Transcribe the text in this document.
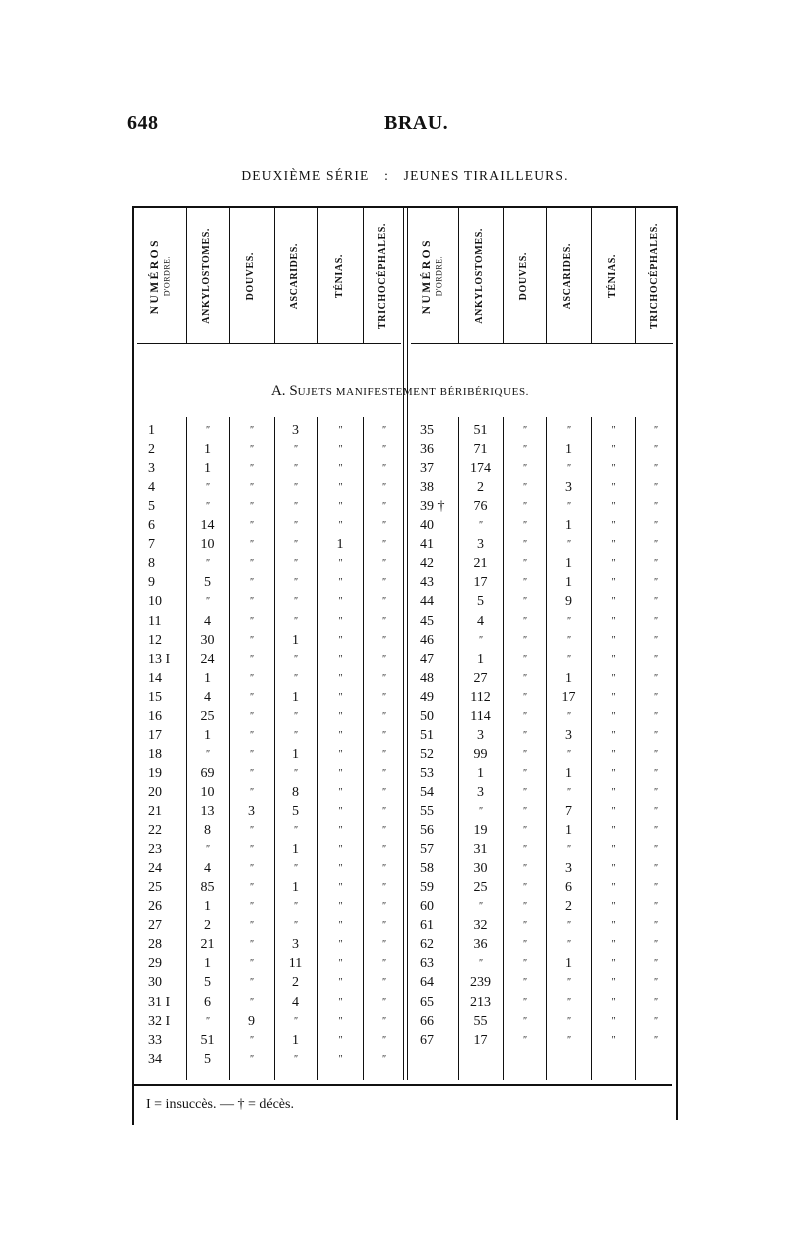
648	BRAU.
DEUXIÈME SÉRIE : JEUNES TIRAILLEURS.
NUMÉROS D'ORDRE.	ANKYLOSTOMES.	DOUVES.	ASCARIDES.	TÉNIAS.	TRICHOCÉPHALES.	NUMÉROS D'ORDRE.	ANKYLOSTOMES.	DOUVES.	ASCARIDES.	TÉNIAS.	TRICHOCÉPHALES.
1	"	"	3	"	"
2	1	"	"	"	"
3	1	"	"	"	"
4	"	"	"	"	"
5	"	"	"	"	"
6	14	"	"	"	"
7	10	"	"	1	"
8	"	"	"	"	"
9	5	"	"	"	"
10	"	"	"	"	"
11	4	"	"	"	"
12	30	"	1	"	"
13 I	24	"	"	"	"
14	1	"	"	"	"
15	4	"	1	"	"
16	25	"	"	"	"
17	1	"	"	"	"
18	"	"	1	"	"
19	69	"	"	"	"
20	10	"	8	"	"
21	13	3	5	"	"
22	8	"	"	"	"
23	"	"	1	"	"
24	4	"	"	"	"
25	85	"	1	"	"
26	1	"	"	"	"
27	2	"	"	"	"
28	21	"	3	"	"
29	1	"	11	"	"
30	5	"	2	"	"
31 I	6	"	4	"	"
32 I	"	9	"	"	"
33	51	"	1	"	"
34	5	"	"	"	"
35	51	"	"	"	"
36	71	"	1	"	"
37	174	"	"	"	"
38	2	"	3	"	"
39 †	76	"	"	"	"
40	"	"	1	"	"
41	3	"	"	"	"
42	21	"	1	"	"
43	17	"	1	"	"
44	5	"	9	"	"
45	4	"	"	"	"
46	"	"	"	"	"
47	1	"	"	"	"
48	27	"	1	"	"
49	112	"	17	"	"
50	114	"	"	"	"
51	3	"	3	"	"
52	99	"	"	"	"
53	1	"	1	"	"
54	3	"	"	"	"
55	"	"	7	"	"
56	19	"	1	"	"
57	31	"	"	"	"
58	30	"	3	"	"
59	25	"	6	"	"
60	"	"	2	"	"
61	32	"	"	"	"
62	36	"	"	"	"
63	"	"	1	"	"
64	239	"	"	"	"
65	213	"	"	"	"
66	55	"	"	"	"
67	17	"	"	"	"
A. SUJETS MANIFESTEMENT BÉRIBÉRIQUES.
I = insuccès. — † = décès.
